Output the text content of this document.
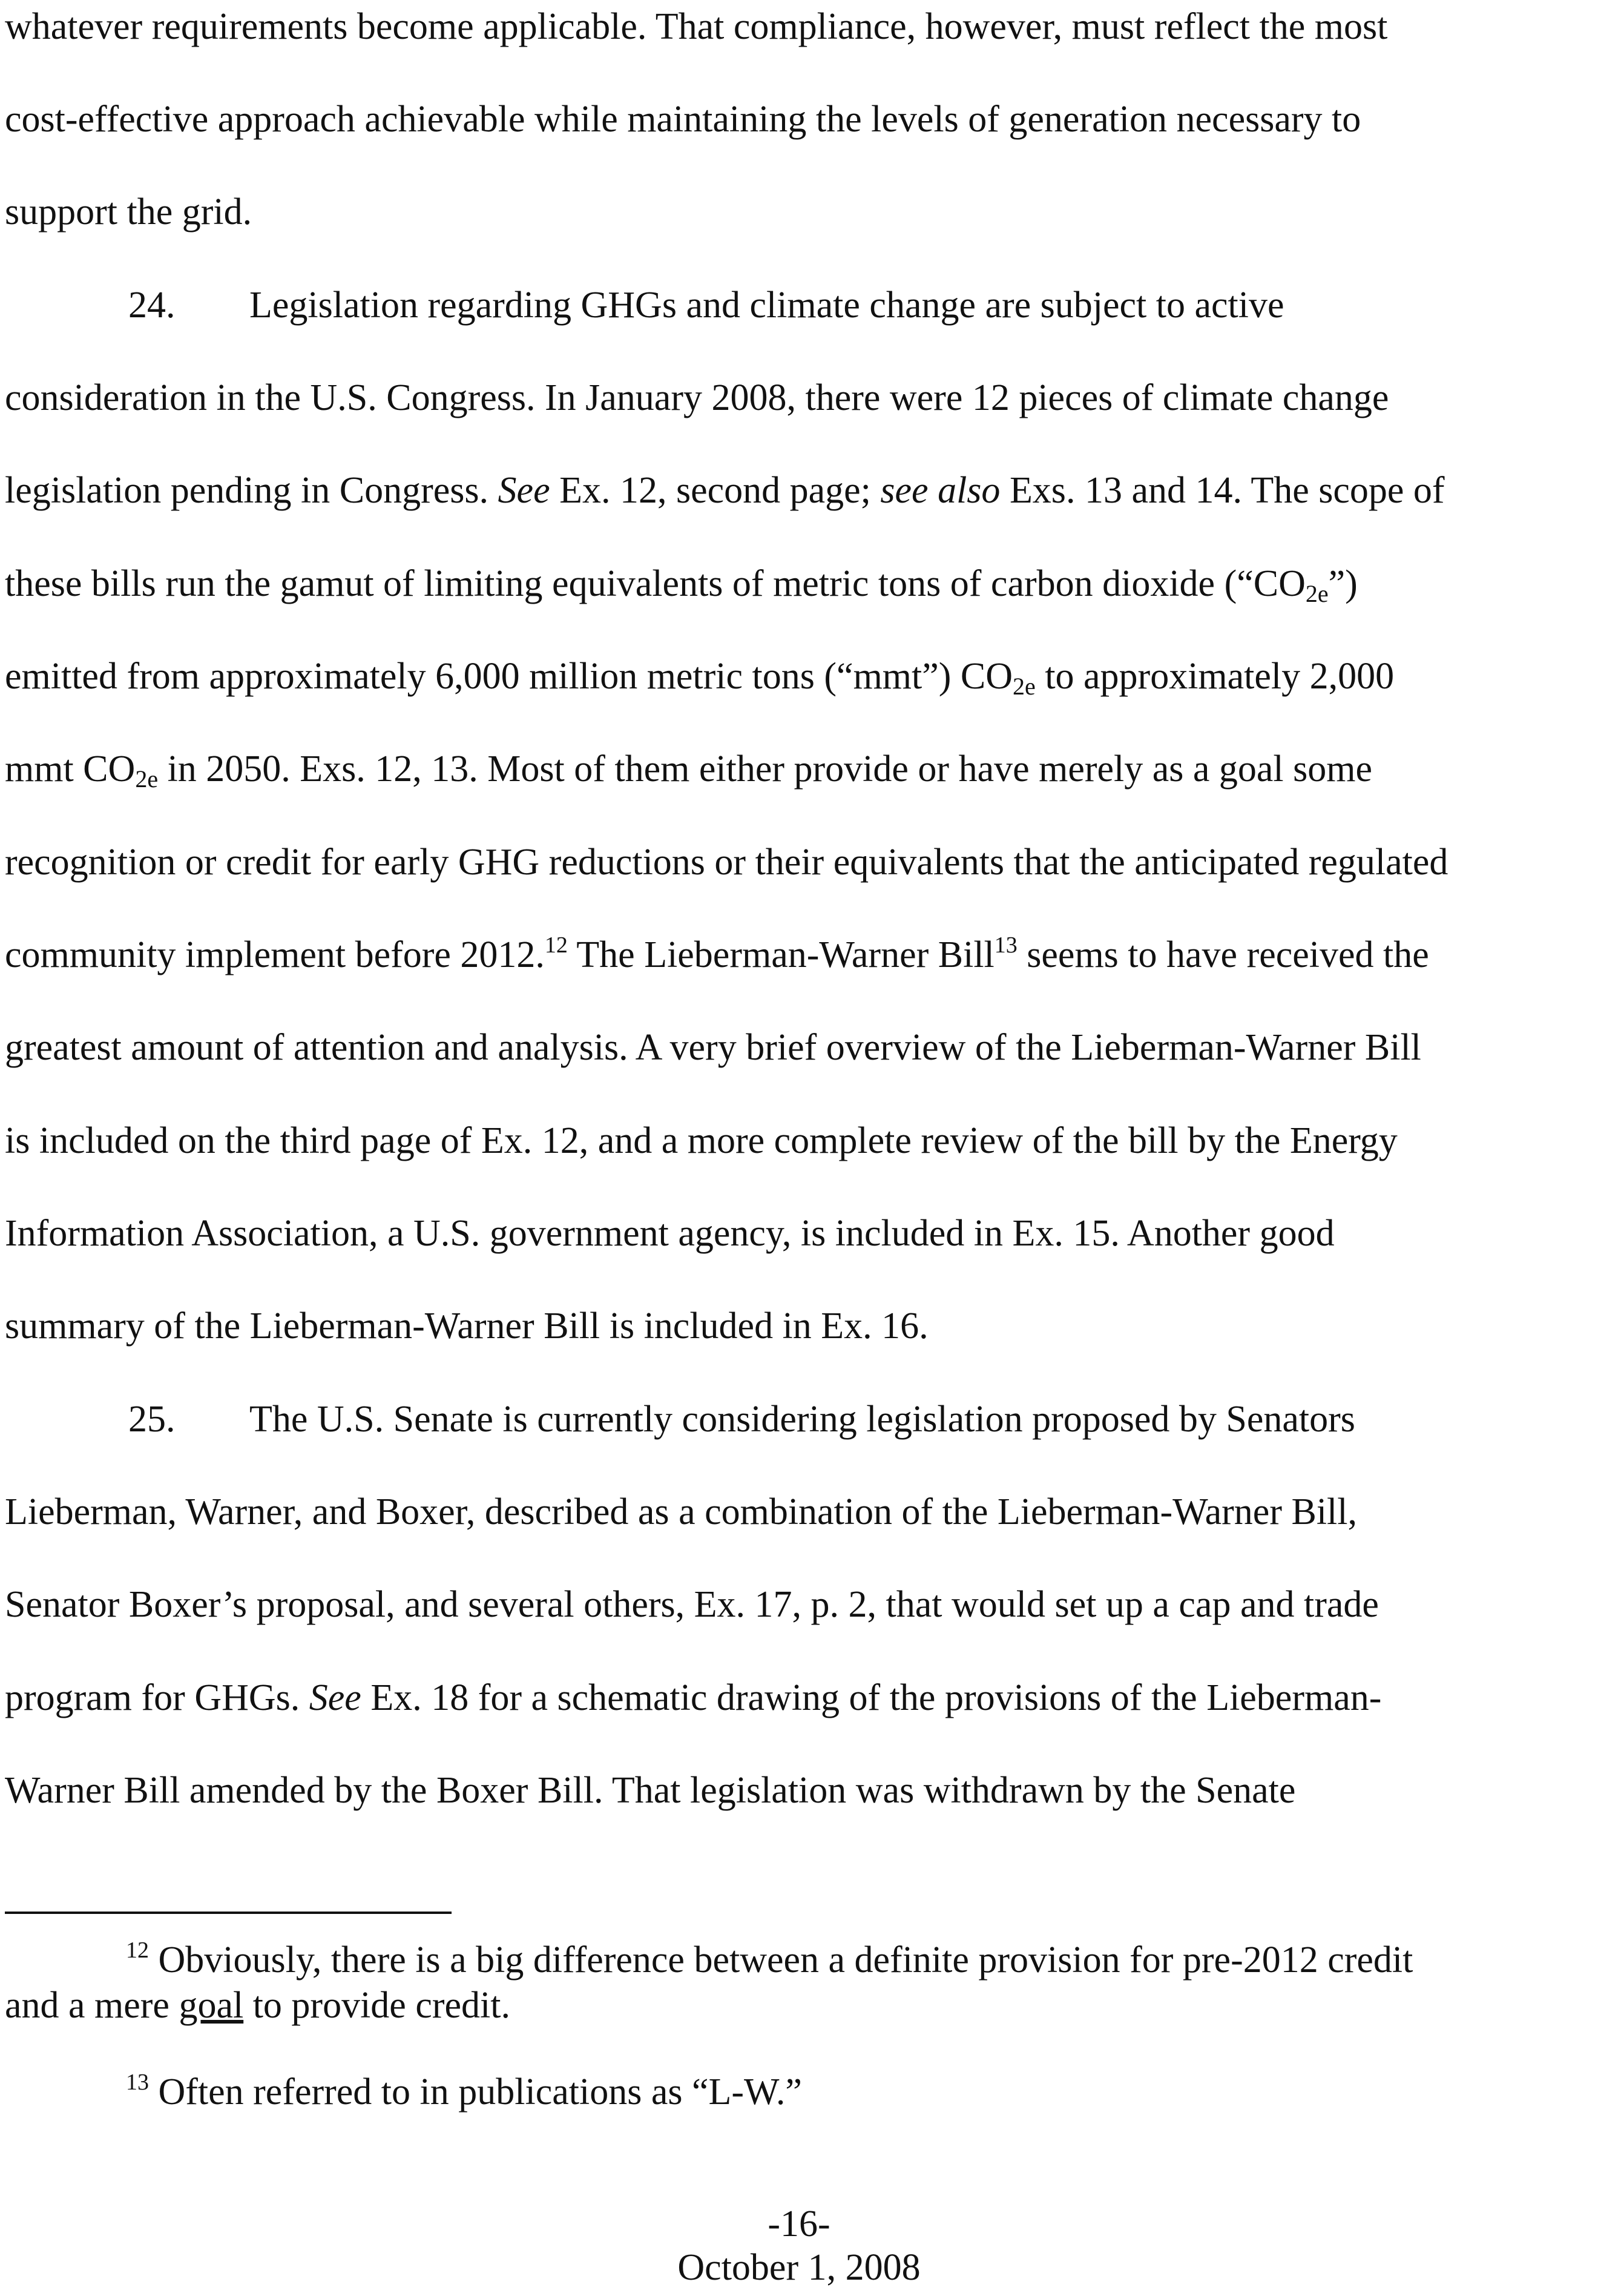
whatever requirements become applicable. That compliance, however, must reflect the most
cost-effective approach achievable while maintaining the levels of generation necessary to
support the grid.
24. Legislation regarding GHGs and climate change are subject to active
consideration in the U.S. Congress. In January 2008, there were 12 pieces of climate change
legislation pending in Congress. See Ex. 12, second page; see also Exs. 13 and 14. The scope of
these bills run the gamut of limiting equivalents of metric tons of carbon dioxide $(“CO_{2e}”)$
emitted from approximately 6,000 million metric tons (“mmt”) $CO_{2e}$ to approximately 2,000
mmt $CO_{2e}$ in 2050. Exs. 12, 13. Most of them either provide or have merely as a goal some
recognition or credit for early GHG reductions or their equivalents that the anticipated regulated
community implement before 2012.12 The Lieberman-Warner Bill$^{13}$ seems to have received the
greatest amount of attention and analysis. A very brief overview of the Lieberman-Warner Bill
is included on the third page of Ex. 12, and a more complete review of the bill by the Energy
Information Association, a U.S. government agency, is included in Ex. 15. Another good
summary of the Lieberman-Warner Bill is included in Ex. 16.
25. The U.S. Senate is currently considering legislation proposed by Senators
Lieberman, Warner, and Boxer, described as a combination of the Lieberman-Warner Bill,
Senator Boxer’s proposal, and several others, Ex. 17, p. 2, that would set up a cap and trade
program for GHGs. See Ex. 18 for a schematic drawing of the provisions of the Lieberman-
Warner Bill amended by the Boxer Bill. That legislation was withdrawn by the Senate
$^{12}$ Obviously, there is a big difference between a definite provision for pre-2012 credit
and a mere goal to provide credit.
$^{13}$ Often referred to in publications as “L-W.”
-16-
October 1, 2008
